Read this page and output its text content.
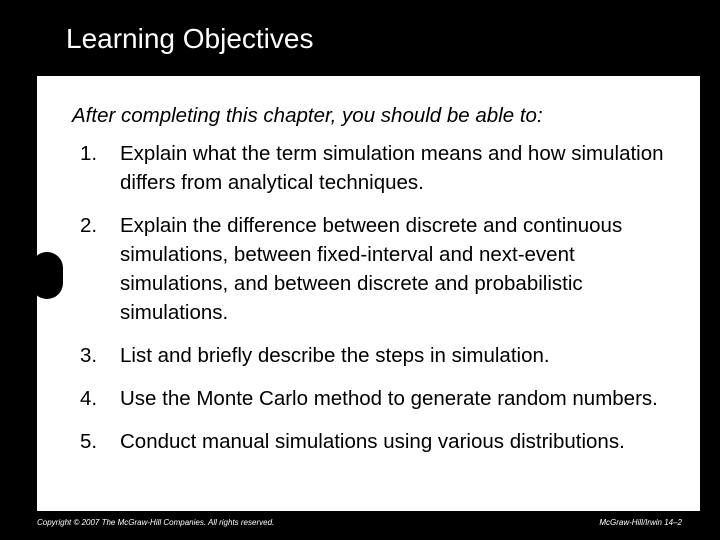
Learning Objectives
After completing this chapter, you should be able to:
1.	Explain what the term simulation means and how simulation differs from analytical techniques.
2.	Explain the difference between discrete and continuous simulations, between fixed-interval and next-event simulations, and between discrete and probabilistic simulations.
3.	List and briefly describe the steps in simulation.
4.	Use the Monte Carlo method to generate random numbers.
5.	Conduct manual simulations using various distributions.
Copyright © 2007 The McGraw-Hill Companies. All rights reserved.	McGraw-Hill/Irwin 14–2
